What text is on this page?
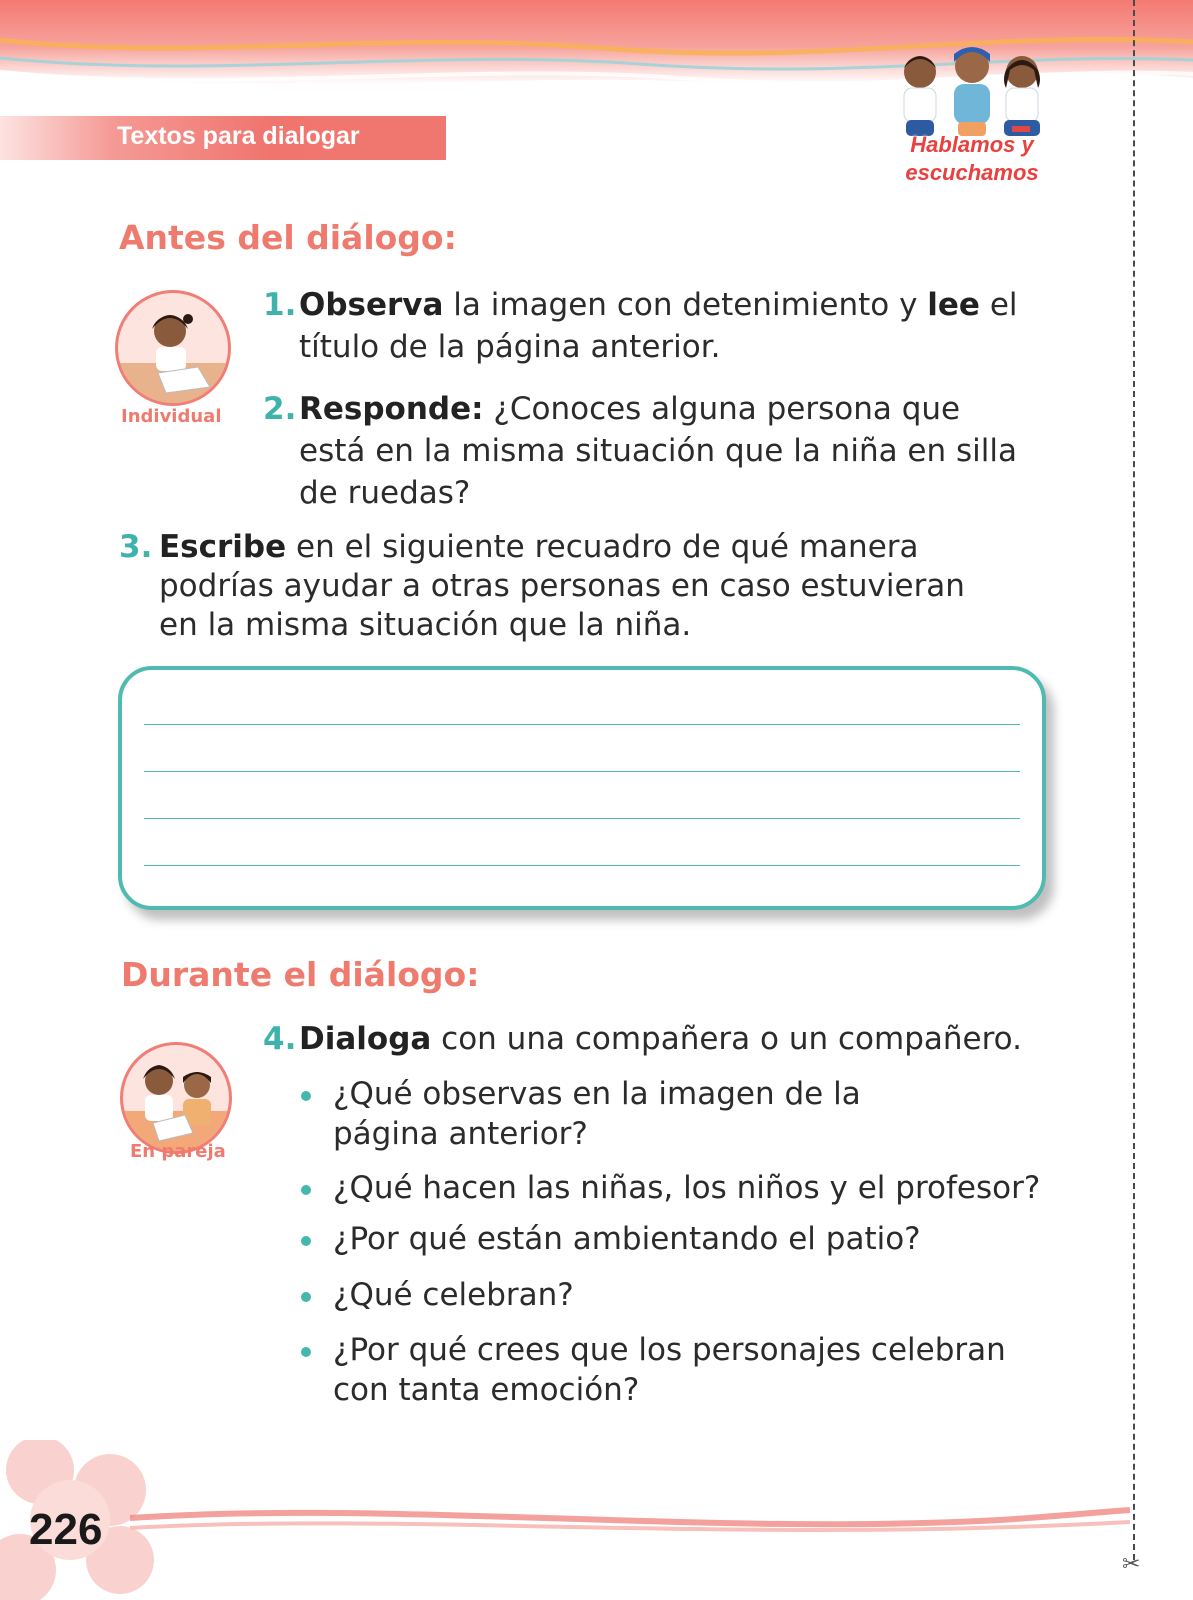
Textos para dialogar	Hablamos y
escuchamos
✂
Antes del diálogo:
Individual
1. Observa la imagen con detenimiento y lee el
título de la página anterior.
2. Responde: ¿Conoces alguna persona que
está en la misma situación que la niña en silla
de ruedas?
3. Escribe en el siguiente recuadro de qué manera
podrías ayudar a otras personas en caso estuvieran
en la misma situación que la niña.
Durante el diálogo:
En pareja
4. Dialoga con una compañera o un compañero.
¿Qué observas en la imagen de la
página anterior?
¿Qué hacen las niñas, los niños y el profesor?
¿Por qué están ambientando el patio?
¿Qué celebran?
¿Por qué crees que los personajes celebran
con tanta emoción?
226
